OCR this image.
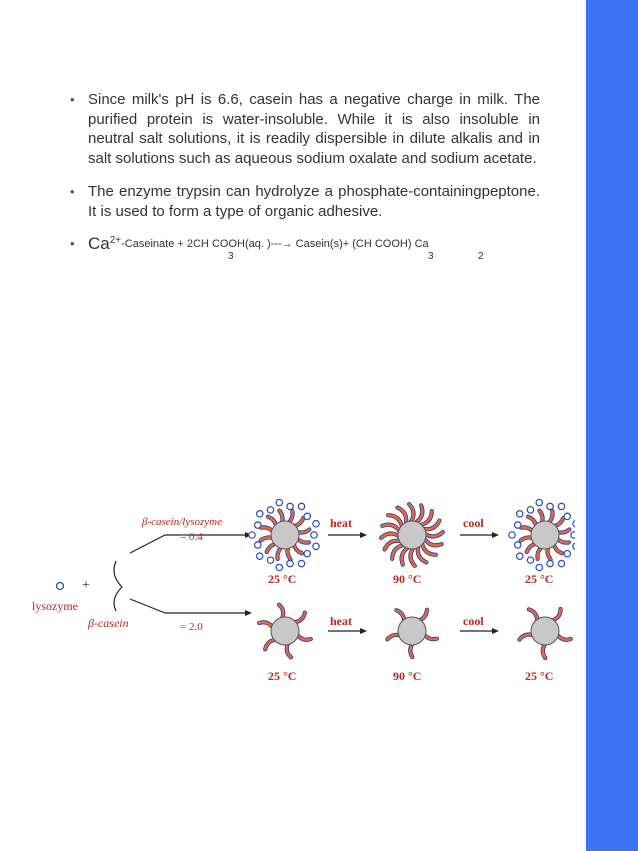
• Since milk's pH is 6.6, casein has a negative charge in milk. The purified protein is water-insoluble. While it is also insoluble in neutral salt solutions, it is readily dispersible in dilute alkalis and in salt solutions such as aqueous sodium oxalate and sodium acetate.
• The enzyme trypsin can hydrolyze a phosphate-containingpeptone. It is used to form a type of organic adhesive.
• Ca2+-Caseinate + 2CH COOH(aq. )---→ Casein(s)+ (CH COOH) Ca
3	3	2
β-casein/lysozyme
= 0.4
= 2.0
+
lysozyme
β-casein
heat
heat
cool
cool
25 °C	90 °C	25 °C
25 °C	90 °C	25 °C
